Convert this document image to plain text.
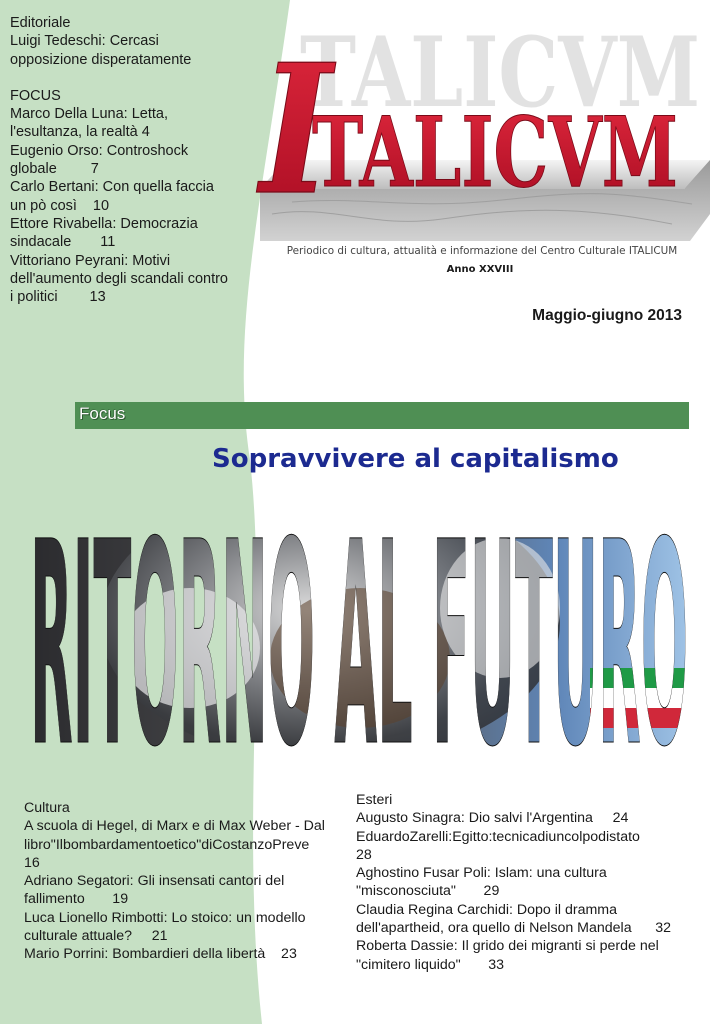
Editoriale
Luigi Tedeschi: Cercasi
opposizione disperatamente
FOCUS
Marco Della Luna: Letta,
l'esultanza, la realtà 4
Eugenio Orso: Controshock
globale 7
Carlo Bertani: Con quella faccia
un pò così 10
Ettore Rivabella: Democrazia
sindacale 11
Vittoriano Peyrani: Motivi
dell'aumento degli scandali contro
i politici 13
TALICVM
TALICVM
I
Periodico di cultura, attualità e informazione del Centro Culturale ITALICUM
Anno XXVIII
Maggio-giugno 2013
Focus
Sopravvivere al capitalismo
RITORNO AL FUTURO
Cultura
A scuola di Hegel, di Marx e di Max Weber - Dal
libro"Ilbombardamentoetico"diCostanzoPreve
16
Adriano Segatori: Gli insensati cantori del
fallimento       19
Luca Lionello Rimbotti: Lo stoico: un modello
culturale attuale?     21
Mario Porrini: Bombardieri della libertà    23
Esteri
Augusto Sinagra: Dio salvi l'Argentina     24
EduardoZarelli:Egitto:tecnicadiuncolpodistato
28
Aghostino Fusar Poli: Islam: una cultura
"misconosciuta"       29
Claudia Regina Carchidi: Dopo il dramma
dell'apartheid, ora quello di Nelson Mandela      32
Roberta Dassie: Il grido dei migranti si perde nel
"cimitero liquido"       33
